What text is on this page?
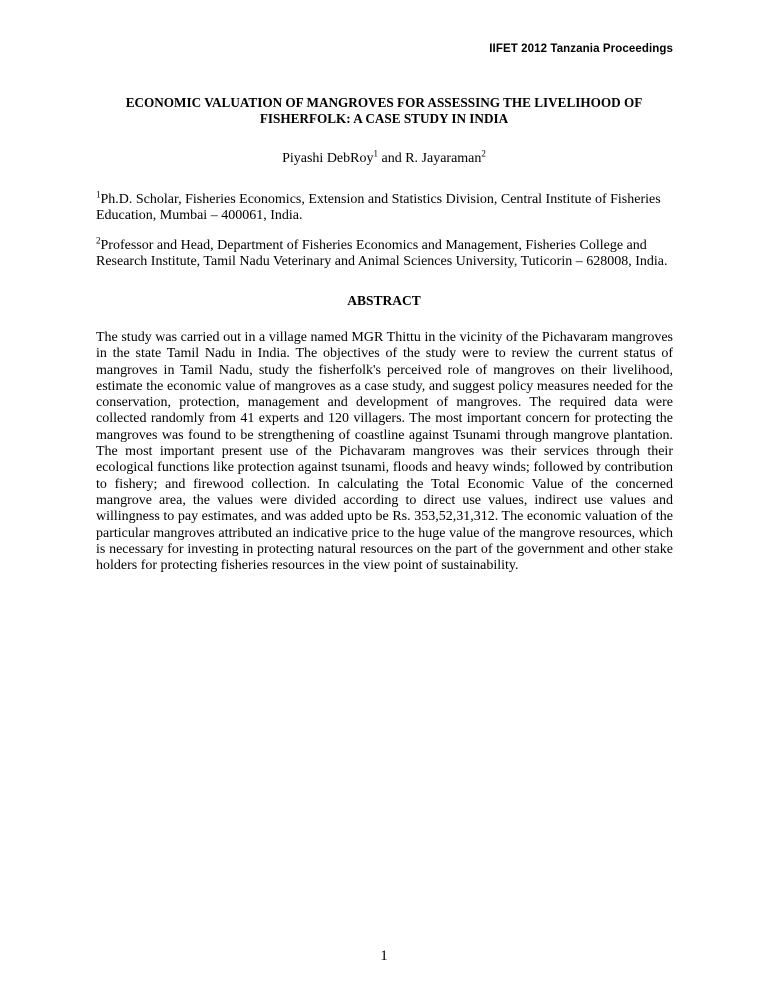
IIFET 2012 Tanzania Proceedings
ECONOMIC VALUATION OF MANGROVES FOR ASSESSING THE LIVELIHOOD OF
FISHERFOLK: A CASE STUDY IN INDIA
Piyashi DebRoy$^1$ and R. Jayaraman$^2$
$^1$Ph.D. Scholar, Fisheries Economics, Extension and Statistics Division, Central Institute of Fisheries Education, Mumbai – 400061, India.
$^2$Professor and Head, Department of Fisheries Economics and Management, Fisheries College and Research Institute, Tamil Nadu Veterinary and Animal Sciences University, Tuticorin – 628008, India.
ABSTRACT
The study was carried out in a village named MGR Thittu in the vicinity of the Pichavaram mangroves in the state Tamil Nadu in India. The objectives of the study were to review the current status of mangroves in Tamil Nadu, study the fisherfolk's perceived role of mangroves on their livelihood, estimate the economic value of mangroves as a case study, and suggest policy measures needed for the conservation, protection, management and development of mangroves. The required data were collected randomly from 41 experts and 120 villagers. The most important concern for protecting the mangroves was found to be strengthening of coastline against Tsunami through mangrove plantation. The most important present use of the Pichavaram mangroves was their services through their ecological functions like protection against tsunami, floods and heavy winds; followed by contribution to fishery; and firewood collection. In calculating the Total Economic Value of the concerned mangrove area, the values were divided according to direct use values, indirect use values and willingness to pay estimates, and was added upto be Rs. 353,52,31,312. The economic valuation of the particular mangroves attributed an indicative price to the huge value of the mangrove resources, which is necessary for investing in protecting natural resources on the part of the government and other stake holders for protecting fisheries resources in the view point of sustainability.
1
